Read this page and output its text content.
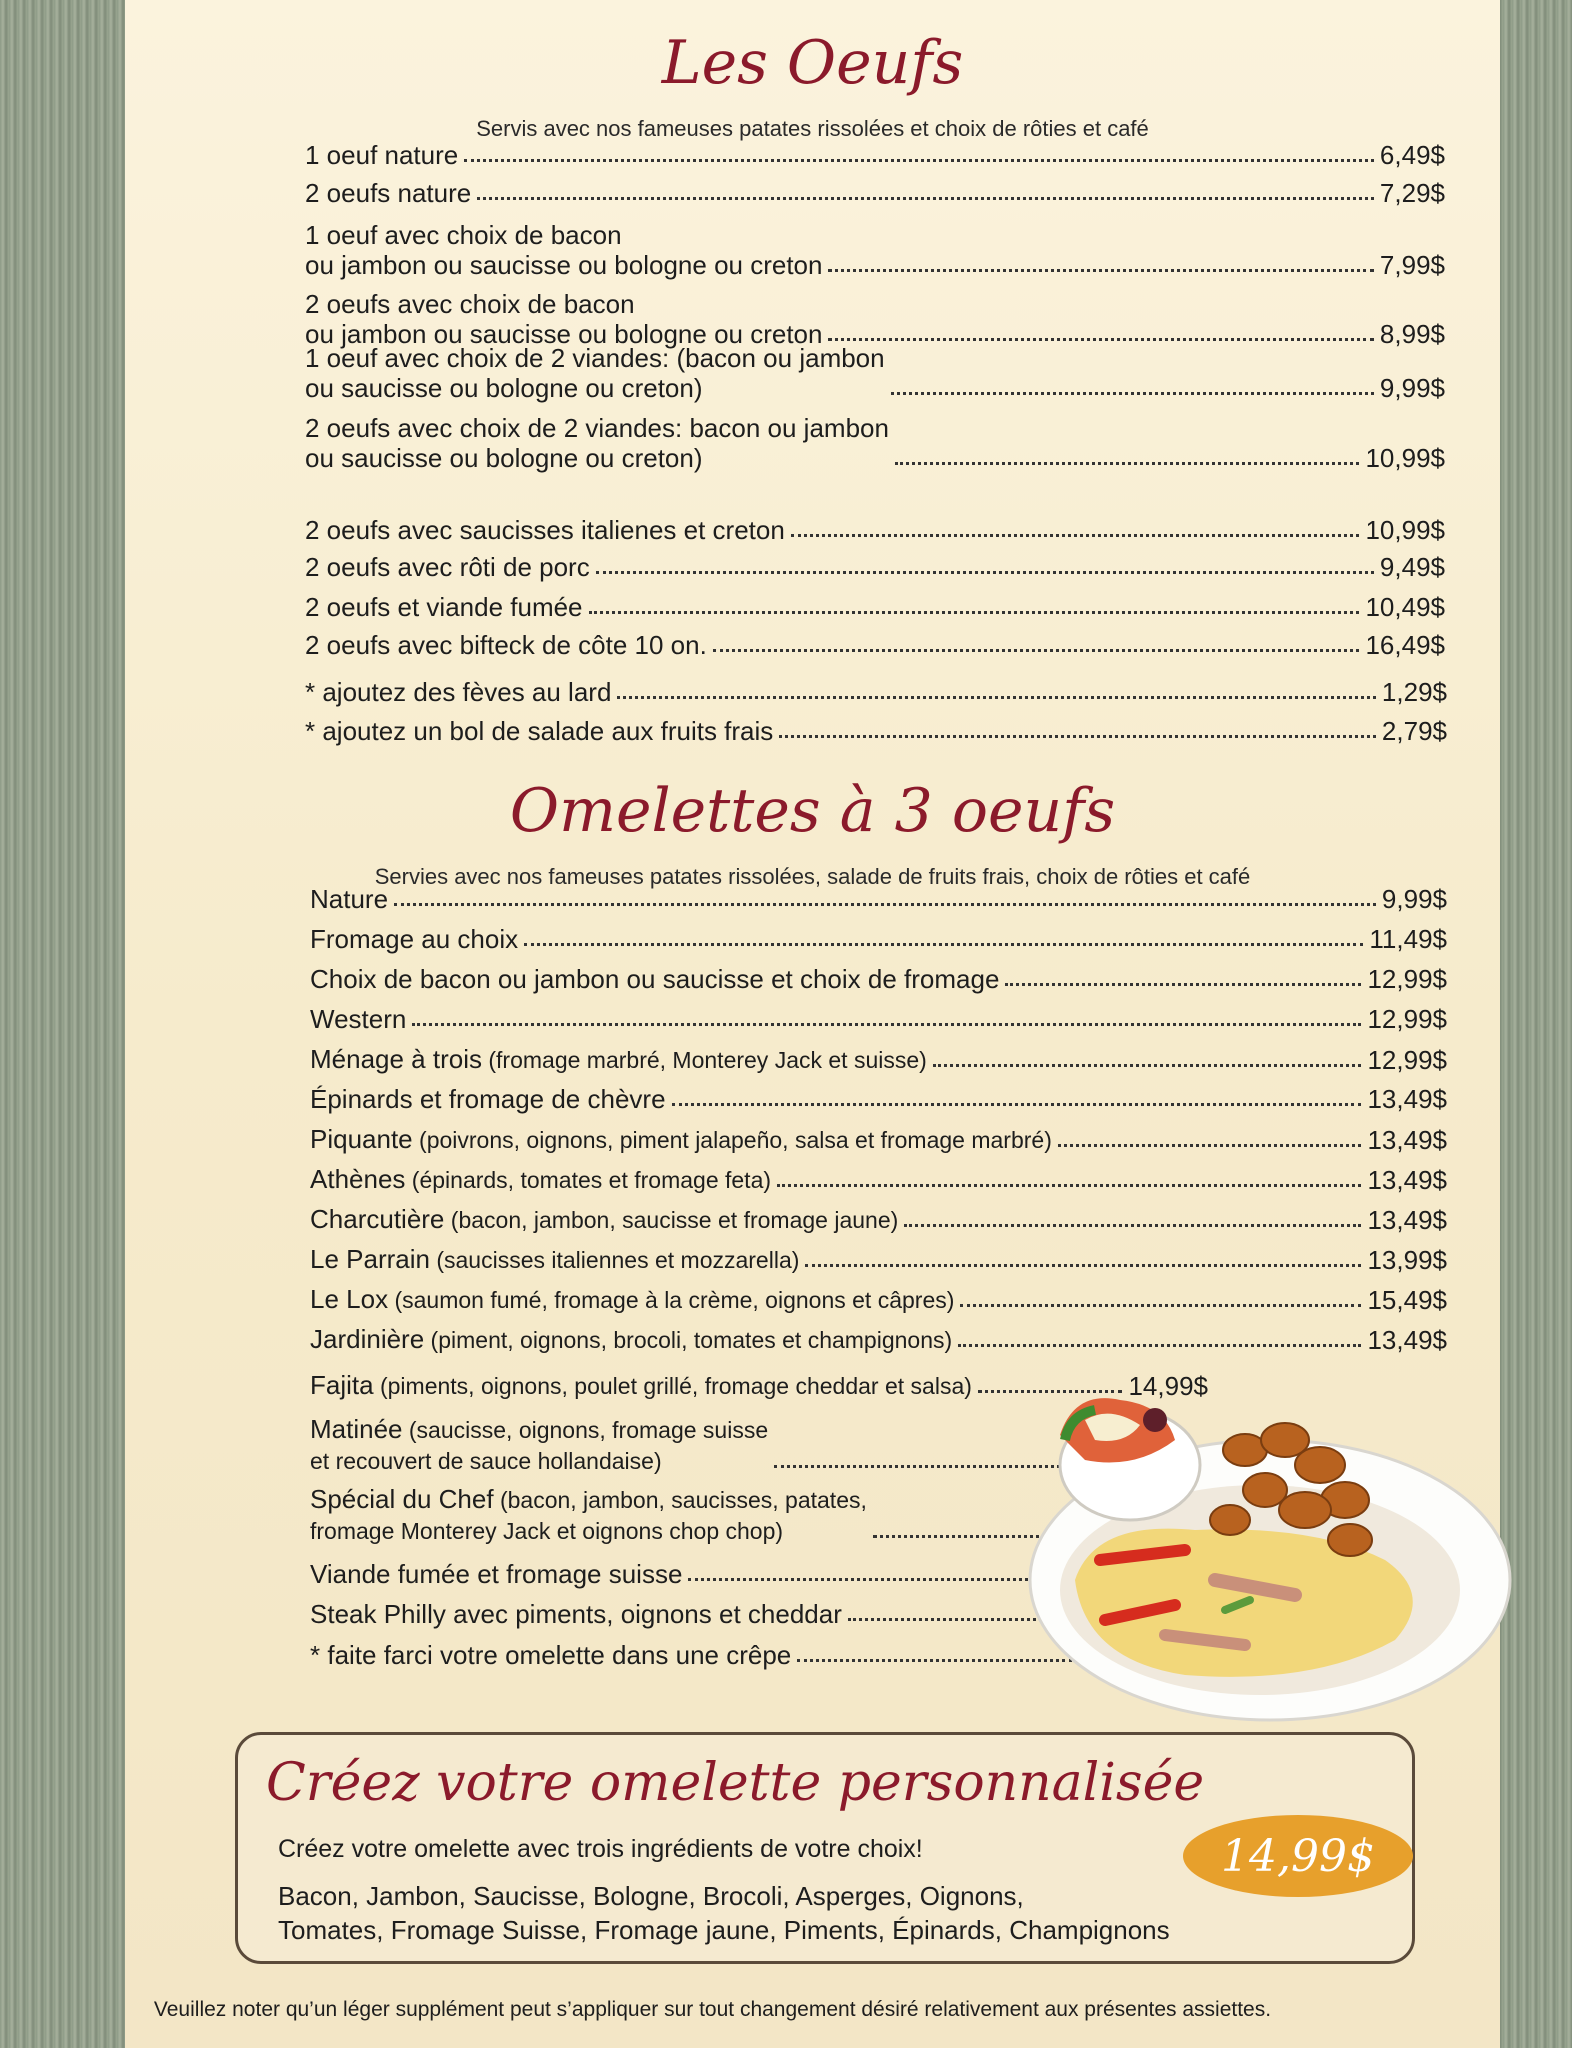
Les Oeufs

Servis avec nos fameuses patates rissolées et choix de rôties et café

1 oeuf nature	6,49$
2 oeufs nature	7,29$
1 oeuf avec choix de bacon
ou jambon ou saucisse ou bologne ou creton	7,99$
2 oeufs avec choix de bacon
ou jambon ou saucisse ou bologne ou creton	8,99$
1 oeuf avec choix de 2 viandes: (bacon ou jambon
ou saucisse ou bologne ou creton)	9,99$
2 oeufs avec choix de 2 viandes: bacon ou jambon
ou saucisse ou bologne ou creton)	10,99$
2 oeufs avec saucisses italienes et creton	10,99$
2 oeufs avec rôti de porc	9,49$
2 oeufs et viande fumée	10,49$
2 oeufs avec bifteck de côte 10 on.	16,49$
* ajoutez des fèves au lard	1,29$
* ajoutez un bol de salade aux fruits frais	2,79$
Omelettes à 3 oeufs

Servies avec nos fameuses patates rissolées, salade de fruits frais, choix de rôties et café

Nature	9,99$
Fromage au choix	11,49$
Choix de bacon ou jambon ou saucisse et choix de fromage	12,99$
Western	12,99$
Ménage à trois (fromage marbré, Monterey Jack et suisse)	12,99$
Épinards et fromage de chèvre	13,49$
Piquante (poivrons, oignons, piment jalapeño, salsa et fromage marbré)	13,49$
Athènes (épinards, tomates et fromage feta)	13,49$
Charcutière (bacon, jambon, saucisse et fromage jaune)	13,49$
Le Parrain (saucisses italiennes et mozzarella)	13,99$
Le Lox (saumon fumé, fromage à la crème, oignons et câpres)	15,49$
Jardinière (piment, oignons, brocoli, tomates et champignons)	13,49$
Fajita (piments, oignons, poulet grillé, fromage cheddar et salsa)	14,99$
Matinée (saucisse, oignons, fromage suisse
et recouvert de sauce hollandaise)
Spécial du Chef (bacon, jambon, saucisses, patates,
fromage Monterey Jack et oignons chop chop)
Viande fumée et fromage suisse
Steak Philly avec piments, oignons et cheddar
* faite farci votre omelette dans une crêpe
Créez votre omelette personnalisée
Créez votre omelette avec trois ingrédients de votre choix!
Bacon, Jambon, Saucisse, Bologne, Brocoli, Asperges, Oignons,
Tomates, Fromage Suisse, Fromage jaune, Piments, Épinards, Champignons
14,99$
Veuillez noter qu’un léger supplément peut s’appliquer sur tout changement désiré relativement aux présentes assiettes.
